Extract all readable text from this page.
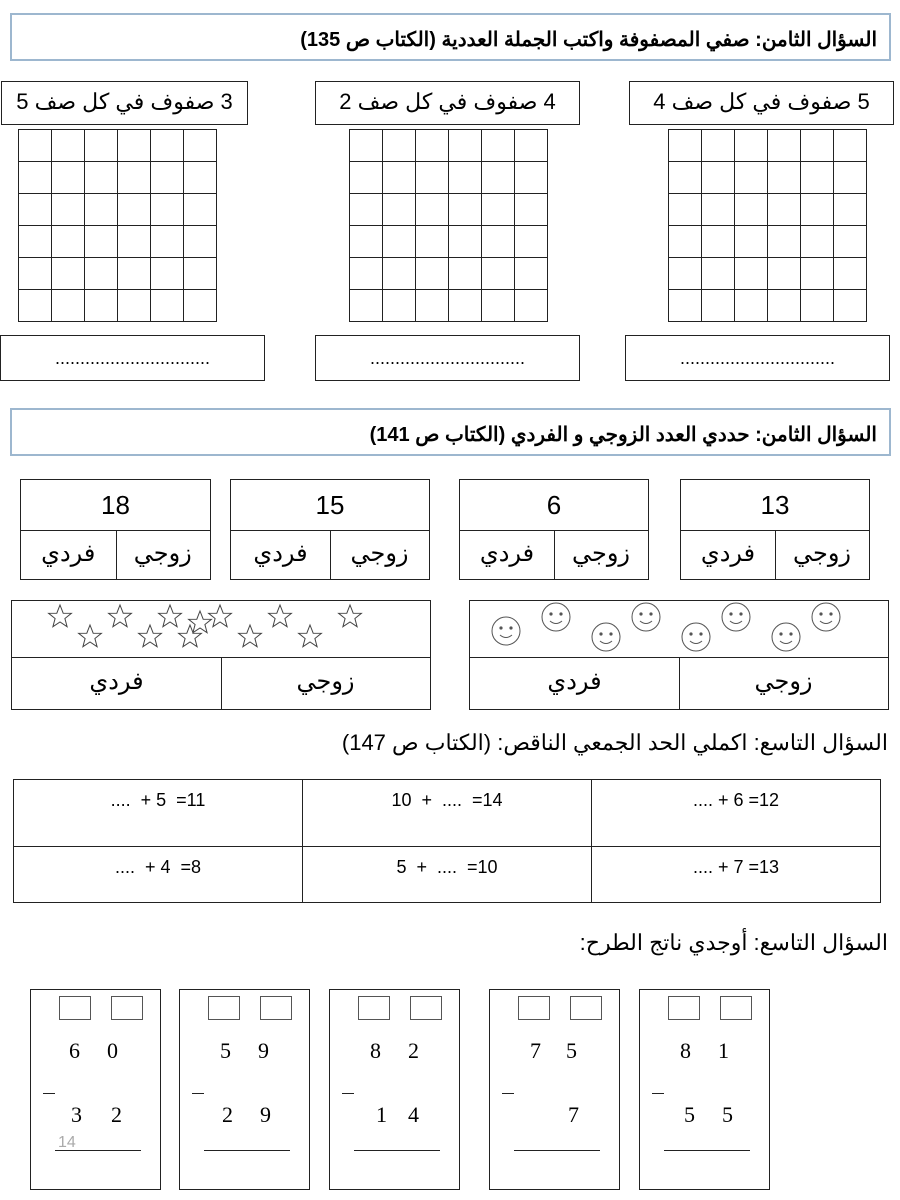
السؤال الثامن: صفي المصفوفة واكتب الجملة العددية (الكتاب ص 135)
5 صفوف في كل صف 4
4 صفوف في كل صف 2
3 صفوف في كل صف 5

...............................
...............................
...............................
السؤال الثامن: حددي العدد الزوجي و الفردي (الكتاب ص 141)
13
زوجي
فردي
6
زوجي
فردي
15
زوجي
فردي
18
زوجي
فردي
زوجي
فردي
زوجي
فردي
السؤال التاسع: اكملي الحد الجمعي الناقص: (الكتاب ص 147)
....  + 5  =11	10  +  ....  =14	.... + 6 =12
....  + 4  =8	5  +  ....  =10	.... + 7 =13
السؤال التاسع: أوجدي ناتج الطرح:
6 0
3 2
5 9
2 9
8 2
1 4
7 5
7
8 1
5 5
14
